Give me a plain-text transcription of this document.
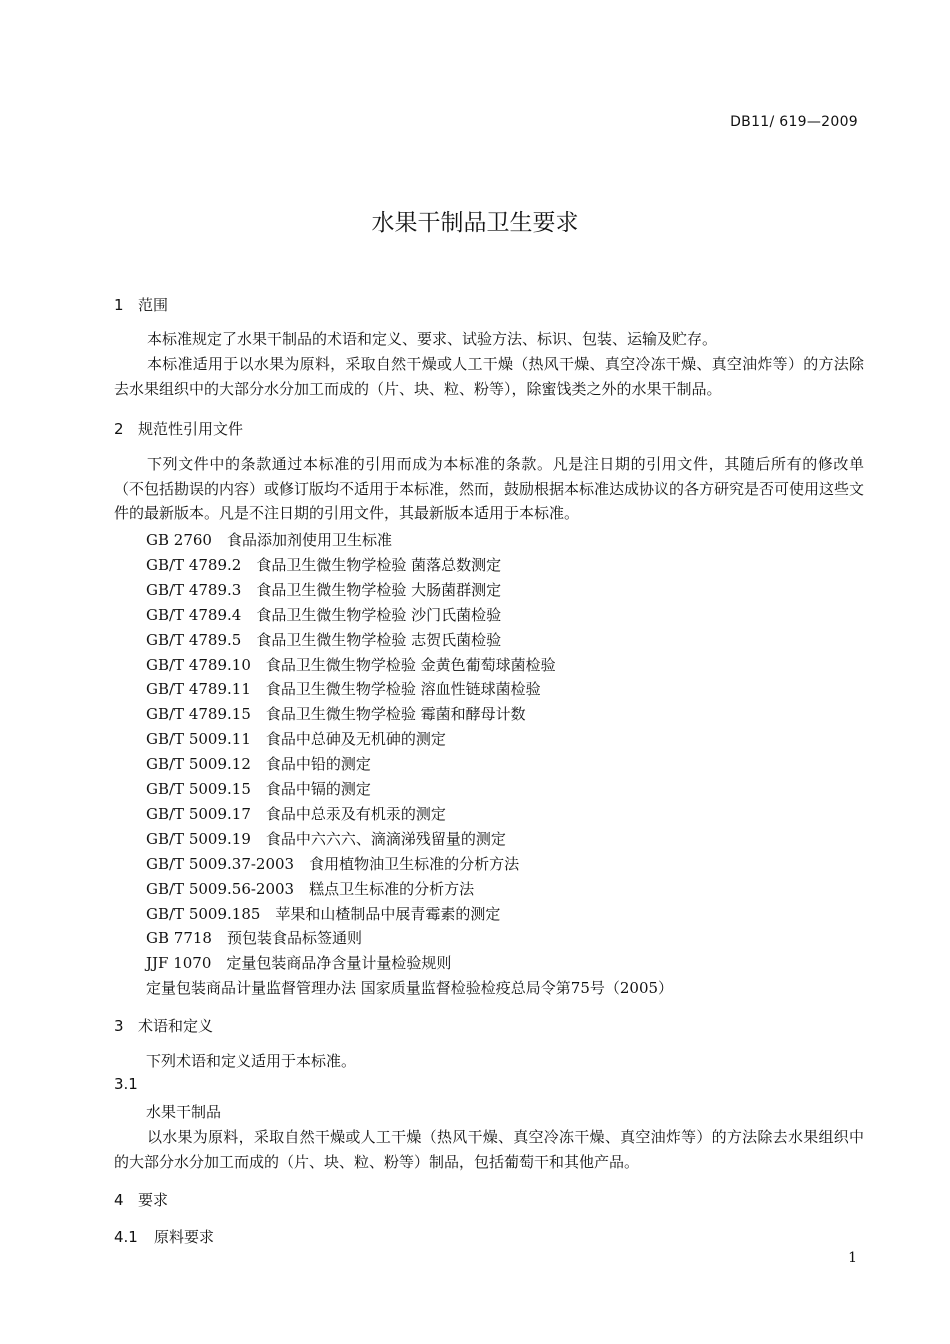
DB11/ 619—2009
水果干制品卫生要求
1 范围
本标准规定了水果干制品的术语和定义、要求、试验方法、标识、包装、运输及贮存。
本标准适用于以水果为原料，采取自然干燥或人工干燥（热风干燥、真空冷冻干燥、真空油炸等）的方法除去水果组织中的大部分水分加工而成的（片、块、粒、粉等），除蜜饯类之外的水果干制品。
2 规范性引用文件
下列文件中的条款通过本标准的引用而成为本标准的条款。凡是注日期的引用文件，其随后所有的修改单（不包括勘误的内容）或修订版均不适用于本标准，然而，鼓励根据本标准达成协议的各方研究是否可使用这些文件的最新版本。凡是不注日期的引用文件，其最新版本适用于本标准。
GB 2760  食品添加剂使用卫生标准
GB/T 4789.2  食品卫生微生物学检验 菌落总数测定
GB/T 4789.3  食品卫生微生物学检验 大肠菌群测定
GB/T 4789.4  食品卫生微生物学检验 沙门氏菌检验
GB/T 4789.5  食品卫生微生物学检验 志贺氏菌检验
GB/T 4789.10  食品卫生微生物学检验 金黄色葡萄球菌检验
GB/T 4789.11  食品卫生微生物学检验 溶血性链球菌检验
GB/T 4789.15  食品卫生微生物学检验 霉菌和酵母计数
GB/T 5009.11  食品中总砷及无机砷的测定
GB/T 5009.12  食品中铅的测定
GB/T 5009.15  食品中镉的测定
GB/T 5009.17  食品中总汞及有机汞的测定
GB/T 5009.19  食品中六六六、滴滴涕残留量的测定
GB/T 5009.37-2003  食用植物油卫生标准的分析方法
GB/T 5009.56-2003  糕点卫生标准的分析方法
GB/T 5009.185  苹果和山楂制品中展青霉素的测定
GB 7718  预包装食品标签通则
JJF 1070  定量包装商品净含量计量检验规则
定量包装商品计量监督管理办法 国家质量监督检验检疫总局令第75号（2005）
3 术语和定义
下列术语和定义适用于本标准。
3.1
水果干制品
以水果为原料，采取自然干燥或人工干燥（热风干燥、真空冷冻干燥、真空油炸等）的方法除去水果组织中的大部分水分加工而成的（片、块、粒、粉等）制品，包括葡萄干和其他产品。
4 要求
4.1 原料要求
1
